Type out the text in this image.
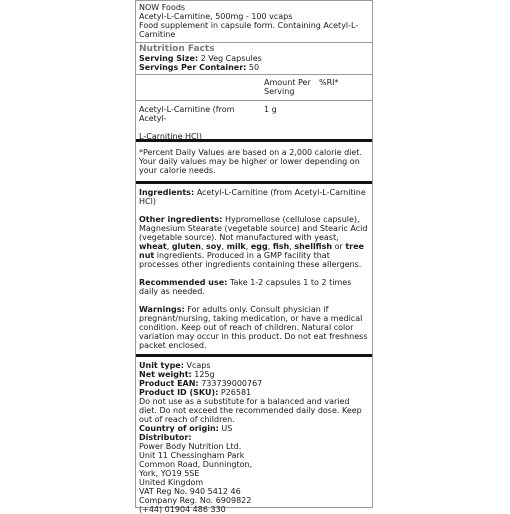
NOW Foods

Acetyl-L-Carnitine, 500mg - 100 vcaps

Food supplement in capsule form. Containing Acetyl-L-Carnitine

Nutrition Facts

Serving Size: 2 Veg Capsules

Servings Per Container: 50

Amount Per Serving
%RI*
Acetyl-L-Carnitine (from Acetyl-
L-Carnitine HCl)
1 g

*Percent Daily Values are based on a 2,000 calorie diet. Your daily values may be higher or lower depending on your calorie needs.

Ingredients: Acetyl-L-Carnitine (from Acetyl-L-Carnitine HCl)

Other ingredients: Hypromellose (cellulose capsule), Magnesium Stearate (vegetable source) and Stearic Acid (vegetable source). Not manufactured with yeast, wheat, gluten, soy, milk, egg, fish, shellfish or tree nut ingredients. Produced in a GMP facility that processes other ingredients containing these allergens.

Recommended use: Take 1-2 capsules 1 to 2 times daily as needed.

Warnings: For adults only. Consult physician if pregnant/nursing, taking medication, or have a medical condition. Keep out of reach of children. Natural color variation may occur in this product. Do not eat freshness packet enclosed.

Unit type: Vcaps

Net weight: 125g

Product EAN: 733739000767

Product ID (SKU): P26581

Do not use as a substitute for a balanced and varied diet. Do not exceed the recommended daily dose. Keep out of reach of children.

Country of origin: US

Distributor:

Power Body Nutrition Ltd.

Unit 11 Chessingham Park

Common Road, Dunnington,

York, YO19 5SE

United Kingdom

VAT Reg No. 940 5412 46

Company Reg. No. 6909822

(+44) 01904 486 330
